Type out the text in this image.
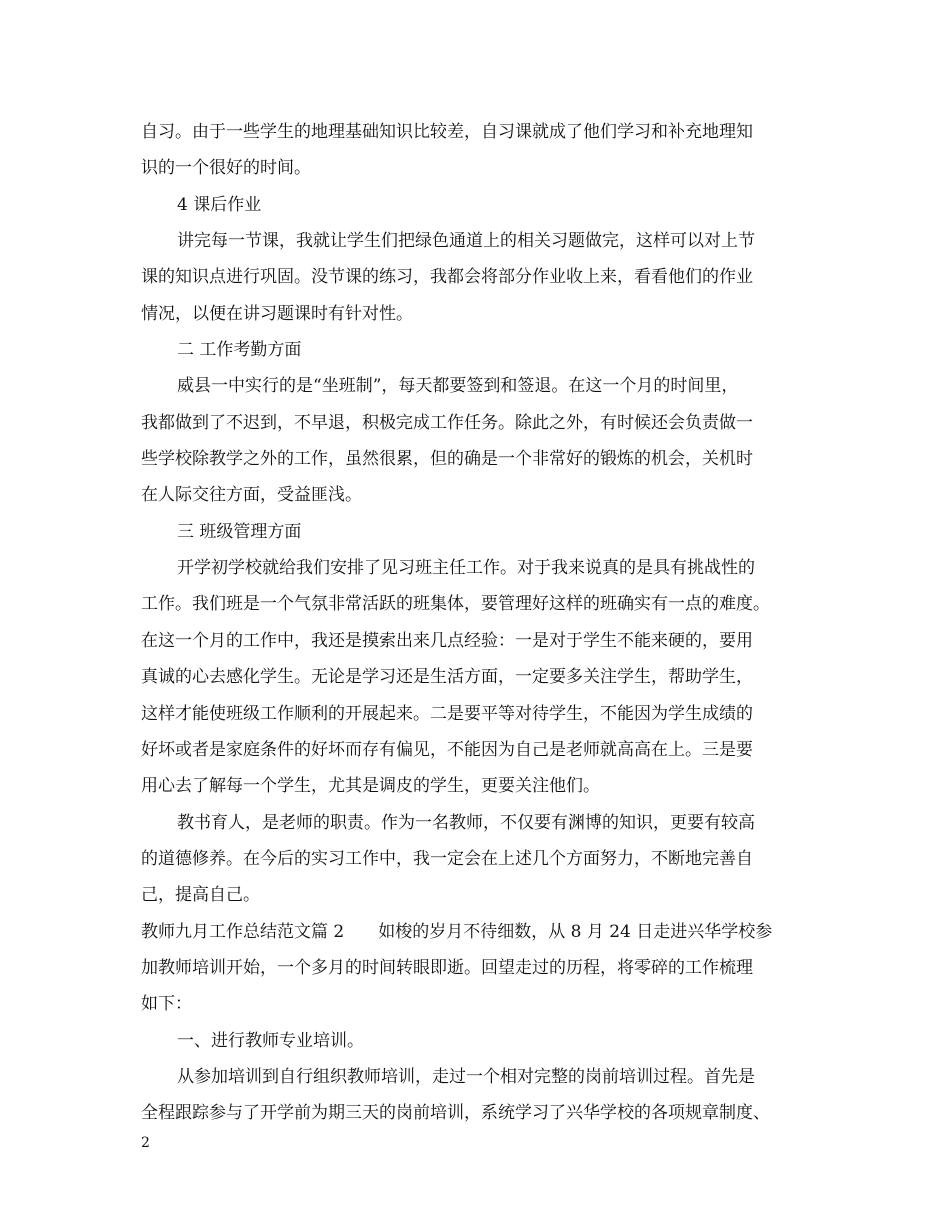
自习。由于一些学生的地理基础知识比较差，自习课就成了他们学习和补充地理知
识的一个很好的时间。
4 课后作业
讲完每一节课，我就让学生们把绿色通道上的相关习题做完，这样可以对上节
课的知识点进行巩固。没节课的练习，我都会将部分作业收上来，看看他们的作业
情况，以便在讲习题课时有针对性。
二 工作考勤方面
威县一中实行的是“坐班制”，每天都要签到和签退。在这一个月的时间里，
我都做到了不迟到，不早退，积极完成工作任务。除此之外，有时候还会负责做一
些学校除教学之外的工作，虽然很累，但的确是一个非常好的锻炼的机会，关机时
在人际交往方面，受益匪浅。
三 班级管理方面
开学初学校就给我们安排了见习班主任工作。对于我来说真的是具有挑战性的
工作。我们班是一个气氛非常活跃的班集体，要管理好这样的班确实有一点的难度。
在这一个月的工作中，我还是摸索出来几点经验：一是对于学生不能来硬的，要用
真诚的心去感化学生。无论是学习还是生活方面，一定要多关注学生，帮助学生，
这样才能使班级工作顺利的开展起来。二是要平等对待学生，不能因为学生成绩的
好坏或者是家庭条件的好坏而存有偏见，不能因为自己是老师就高高在上。三是要
用心去了解每一个学生，尤其是调皮的学生，更要关注他们。
教书育人，是老师的职责。作为一名教师，不仅要有渊博的知识，更要有较高
的道德修养。在今后的实习工作中，我一定会在上述几个方面努力，不断地完善自
己，提高自己。
教师九月工作总结范文篇 2　　如梭的岁月不待细数，从 8 月 24 日走进兴华学校参
加教师培训开始，一个多月的时间转眼即逝。回望走过的历程，将零碎的工作梳理
如下：
一、进行教师专业培训。
从参加培训到自行组织教师培训，走过一个相对完整的岗前培训过程。首先是
全程跟踪参与了开学前为期三天的岗前培训，系统学习了兴华学校的各项规章制度、
2
